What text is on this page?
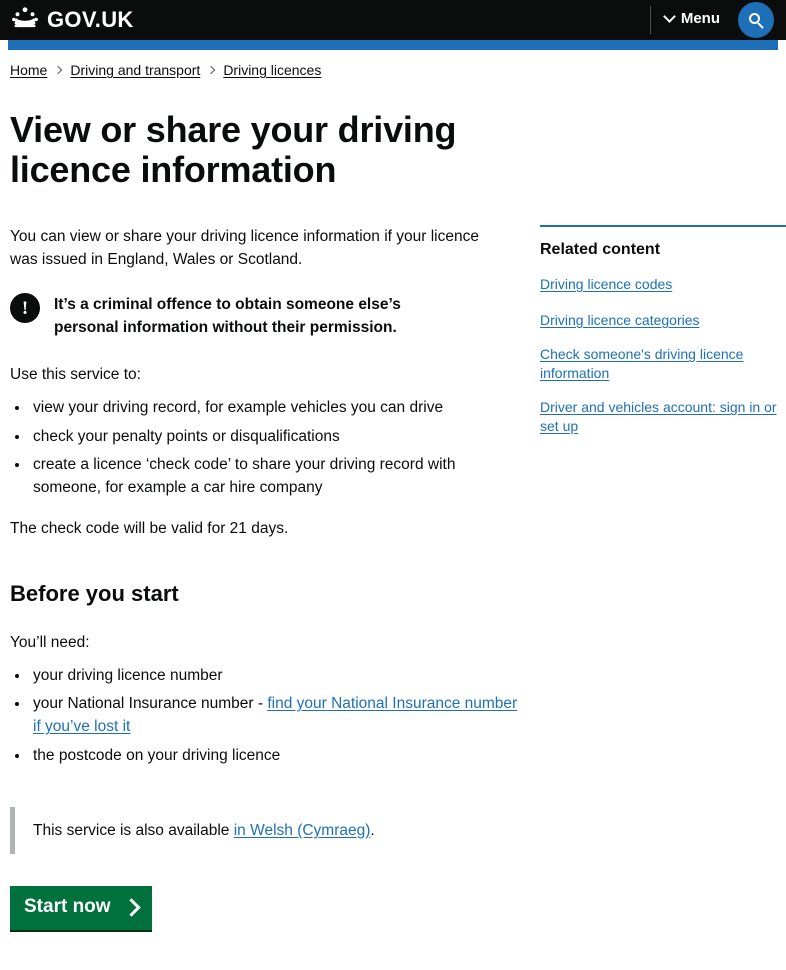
GOV.UK	Menu
Home Driving and transport Driving licences
View or share your driving licence information

You can view or share your driving licence information if your licence was issued in England, Wales or Scotland.

!	It’s a criminal offence to obtain someone else’s personal information without their permission.

Use this service to:

• view your driving record, for example vehicles you can drive
• check your penalty points or disqualifications
• create a licence ‘check code’ to share your driving record with someone, for example a car hire company

The check code will be valid for 21 days.

Before you start

You’ll need:

• your driving licence number
• your National Insurance number - find your National Insurance number if you’ve lost it
• the postcode on your driving licence

This service is also available in Welsh (Cymraeg).

Start now
Related content
Driving licence codes
Driving licence categories
Check someone's driving licence information
Driver and vehicles account: sign in or set up
